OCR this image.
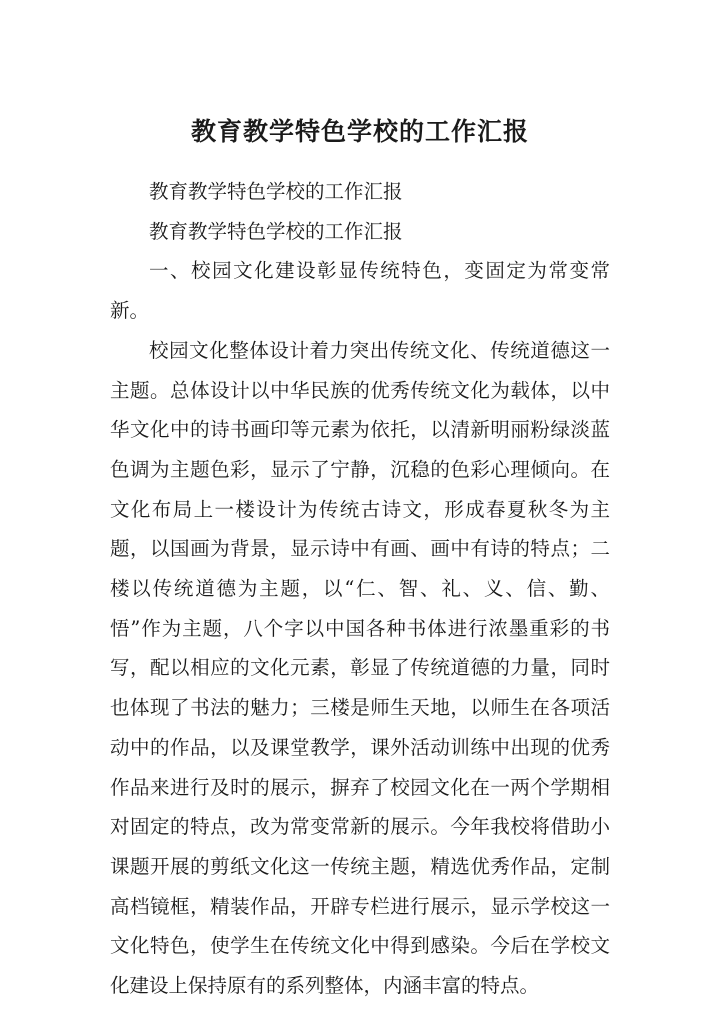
教育教学特色学校的工作汇报

教育教学特色学校的工作汇报

教育教学特色学校的工作汇报

一、校园文化建设彰显传统特色，变固定为常变常新。

校园文化整体设计着力突出传统文化、传统道德这一主题。总体设计以中华民族的优秀传统文化为载体，以中华文化中的诗书画印等元素为依托，以清新明丽粉绿淡蓝色调为主题色彩，显示了宁静，沉稳的色彩心理倾向。在文化布局上一楼设计为传统古诗文，形成春夏秋冬为主题，以国画为背景，显示诗中有画、画中有诗的特点；二楼以传统道德为主题，以“仁、智、礼、义、信、勤、悟”作为主题，八个字以中国各种书体进行浓墨重彩的书写，配以相应的文化元素，彰显了传统道德的力量，同时也体现了书法的魅力；三楼是师生天地，以师生在各项活动中的作品，以及课堂教学，课外活动训练中出现的优秀作品来进行及时的展示，摒弃了校园文化在一两个学期相对固定的特点，改为常变常新的展示。今年我校将借助小课题开展的剪纸文化这一传统主题，精选优秀作品，定制高档镜框，精装作品，开辟专栏进行展示，显示学校这一文化特色，使学生在传统文化中得到感染。今后在学校文化建设上保持原有的系列整体，内涵丰富的特点。
